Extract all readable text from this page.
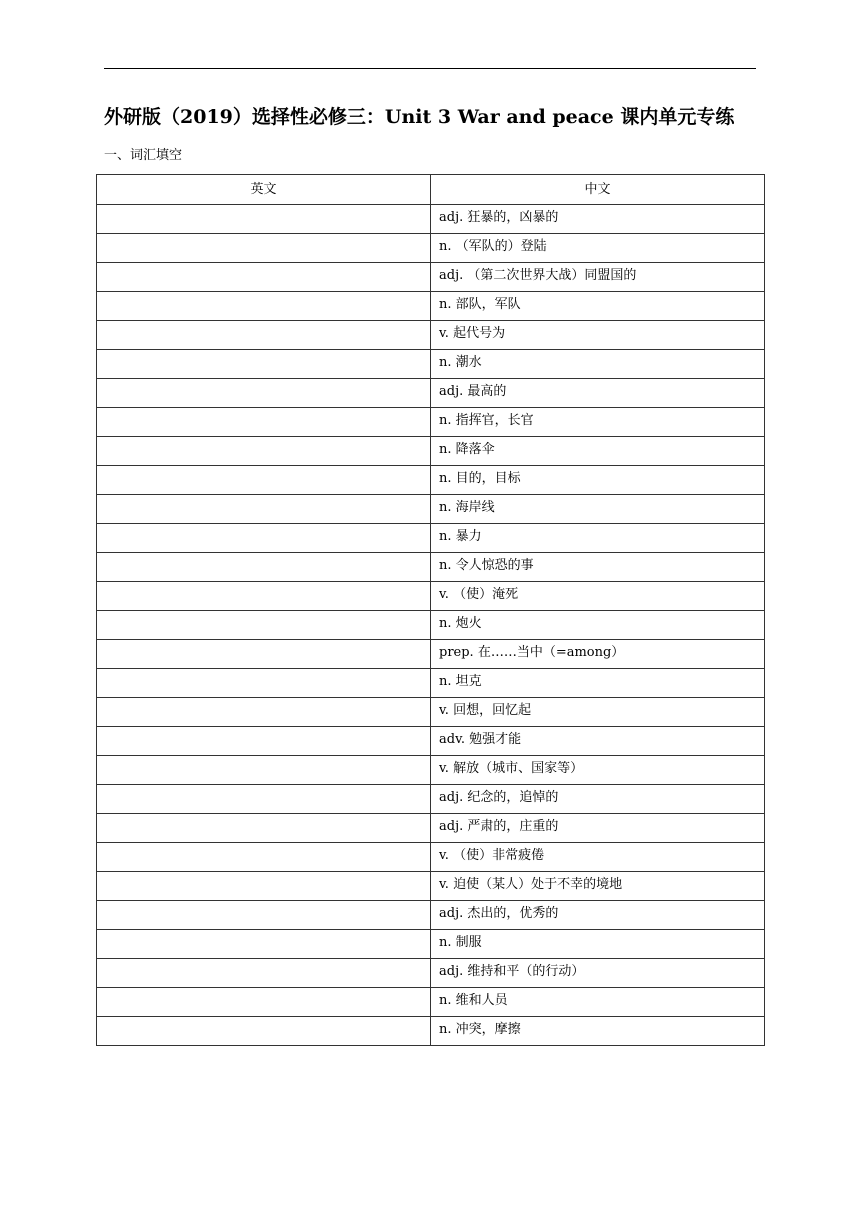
外研版（2019）选择性必修三：Unit 3 War and peace 课内单元专练
一、词汇填空
英文	中文
	adj. 狂暴的，凶暴的
	n. （军队的）登陆
	adj. （第二次世界大战）同盟国的
	n. 部队，军队
	v. 起代号为
	n. 潮水
	adj. 最高的
	n. 指挥官，长官
	n. 降落伞
	n. 目的，目标
	n. 海岸线
	n. 暴力
	n. 令人惊恐的事
	v. （使）淹死
	n. 炮火
	prep. 在……当中（=among）
	n. 坦克
	v. 回想，回忆起
	adv. 勉强才能
	v. 解放（城市、国家等）
	adj. 纪念的，追悼的
	adj. 严肃的，庄重的
	v. （使）非常疲倦
	v. 迫使（某人）处于不幸的境地
	adj. 杰出的，优秀的
	n. 制服
	adj. 维持和平（的行动）
	n. 维和人员
	n. 冲突，摩擦
